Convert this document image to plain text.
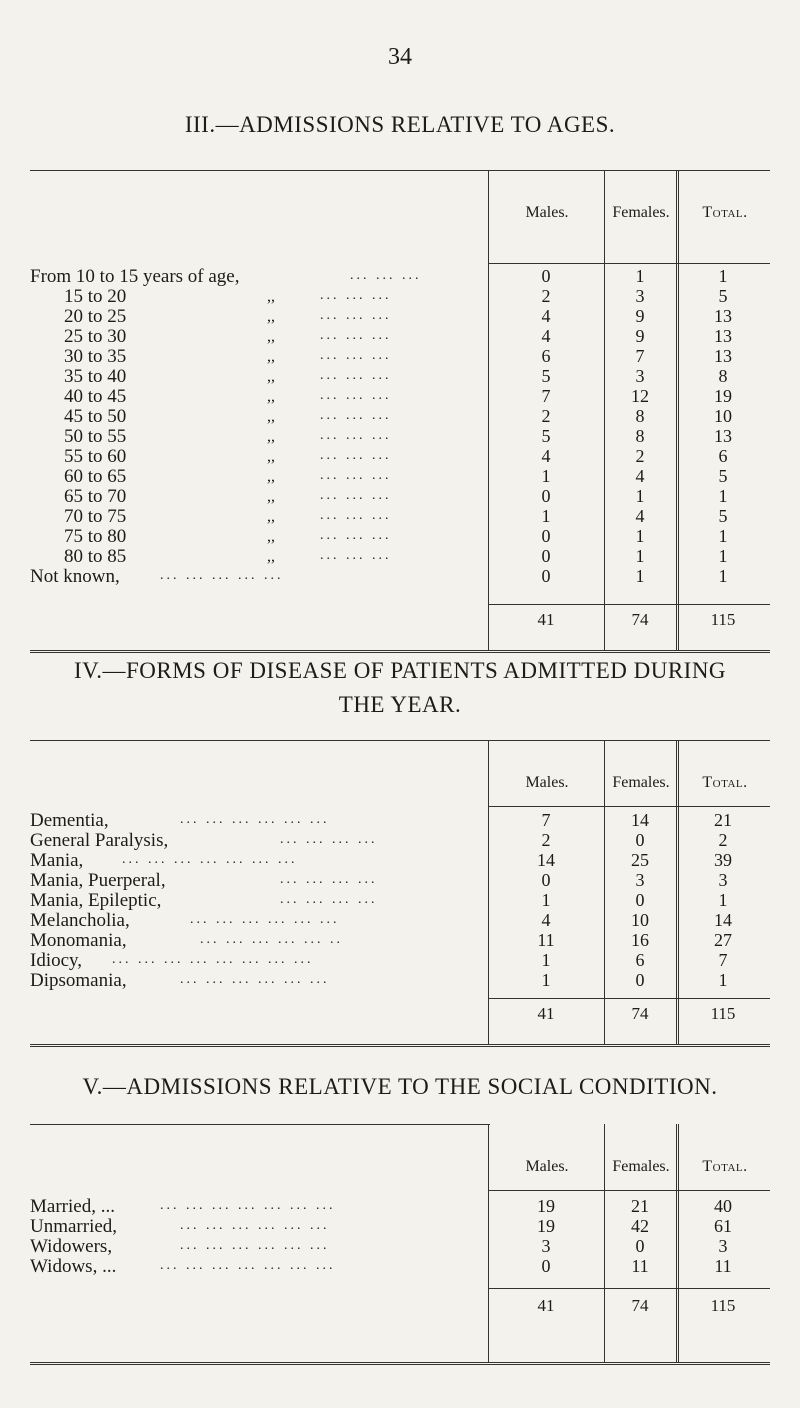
34
III.—ADMISSIONS RELATIVE TO AGES.
Males.	Females.	Total.
From 10 to 15 years of age,	... ... ...	0	1	1
15 to 20	,,	... ... ...	2	3	5
20 to 25	,,	... ... ...	4	9	13
25 to 30	,,	... ... ...	4	9	13
30 to 35	,,	... ... ...	6	7	13
35 to 40	,,	... ... ...	5	3	8
40 to 45	,,	... ... ...	7	12	19
45 to 50	,,	... ... ...	2	8	10
50 to 55	,,	... ... ...	5	8	13
55 to 60	,,	... ... ...	4	2	6
60 to 65	,,	... ... ...	1	4	5
65 to 70	,,	... ... ...	0	1	1
70 to 75	,,	... ... ...	1	4	5
75 to 80	,,	... ... ...	0	1	1
80 to 85	,,	... ... ...	0	1	1
Not known,	... ... ... ... ...	0	1	1
41	74	115
IV.—FORMS OF DISEASE OF PATIENTS ADMITTED DURING
THE YEAR.
Males.	Females.	Total.
Dementia,	... ... ... ... ... ...	7	14	21
General Paralysis,	... ... ... ...	2	0	2
Mania,	... ... ... ... ... ... ...	14	25	39
Mania, Puerperal,	... ... ... ...	0	3	3
Mania, Epileptic,	... ... ... ...	1	0	1
Melancholia,	... ... ... ... ... ...	4	10	14
Monomania,	... ... ... ... ... ..	11	16	27
Idiocy, ... ... ... ... ... ... ... ...	1	6	7
Dipsomania,	... ... ... ... ... ...	1	0	1
41	74	115
V.—ADMISSIONS RELATIVE TO THE SOCIAL CONDITION.
Males.	Females.	Total.
Married, ...	... ... ... ... ... ... ...	19	21	40
Unmarried,	... ... ... ... ... ...	19	42	61
Widowers,	... ... ... ... ... ...	3	0	3
Widows, ...	... ... ... ... ... ... ...	0	11	11
41	74	115
